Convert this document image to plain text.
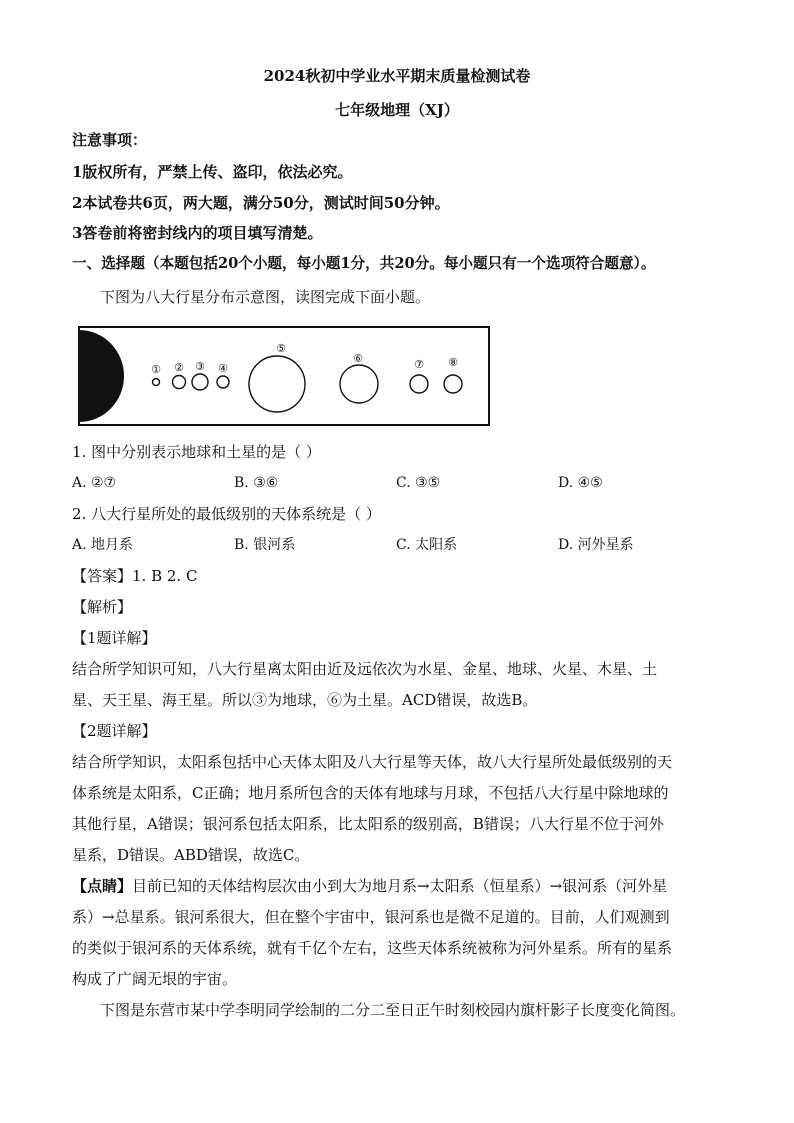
2024秋初中学业水平期末质量检测试卷
七年级地理（XJ）
注意事项：
1版权所有，严禁上传、盗印，依法必究。
2本试卷共6页，两大题，满分50分，测试时间50分钟。
3答卷前将密封线内的项目填写清楚。
一、选择题（本题包括20个小题，每小题1分，共20分。每小题只有一个选项符合题意）。
下图为八大行星分布示意图，读图完成下面小题。
① ② ③ ④
⑤
⑥	⑦ ⑧
1. 图中分别表示地球和土星的是（ ）
A. ②⑦	B. ③⑥	C. ③⑤	D. ④⑤
2. 八大行星所处的最低级别的天体系统是（ ）
A. 地月系	B. 银河系	C. 太阳系	D. 河外星系
【答案】1. B 2. C
【解析】
【1题详解】
结合所学知识可知，八大行星离太阳由近及远依次为水星、金星、地球、火星、木星、土
星、天王星、海王星。所以③为地球，⑥为土星。ACD错误，故选B。
【2题详解】
结合所学知识，太阳系包括中心天体太阳及八大行星等天体，故八大行星所处最低级别的天
体系统是太阳系，C正确；地月系所包含的天体有地球与月球，不包括八大行星中除地球的
其他行星，A错误；银河系包括太阳系，比太阳系的级别高，B错误；八大行星不位于河外
星系，D错误。ABD错误，故选C。
【点睛】目前已知的天体结构层次由小到大为地月系→太阳系（恒星系）→银河系（河外星
系）→总星系。银河系很大，但在整个宇宙中，银河系也是微不足道的。目前，人们观测到
的类似于银河系的天体系统，就有千亿个左右，这些天体系统被称为河外星系。所有的星系
构成了广阔无垠的宇宙。
下图是东营市某中学李明同学绘制的二分二至日正午时刻校园内旗杆影子长度变化简图。
